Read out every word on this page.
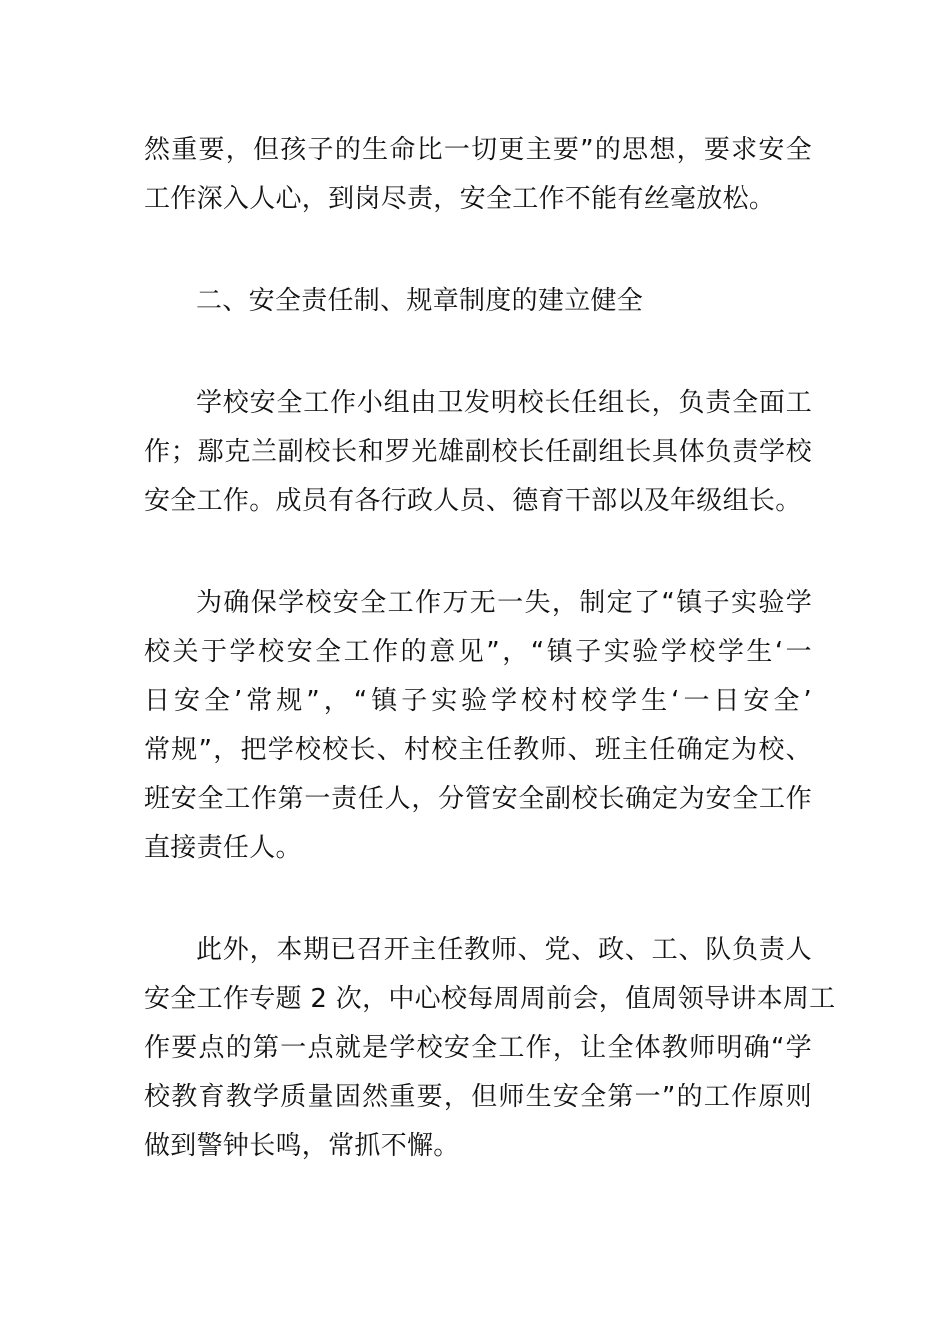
然重要，但孩子的生命比一切更主要”的思想，要求安全
工作深入人心，到岗尽责，安全工作不能有丝毫放松。
二、安全责任制、规章制度的建立健全
学校安全工作小组由卫发明校长任组长，负责全面工
作；鄢克兰副校长和罗光雄副校长任副组长具体负责学校
安全工作。成员有各行政人员、德育干部以及年级组长。
为确保学校安全工作万无一失，制定了“镇子实验学
校关于学校安全工作的意见”，“镇子实验学校学生‘一
日安全’常规”，“镇子实验学校村校学生‘一日安全’
常规”，把学校校长、村校主任教师、班主任确定为校、
班安全工作第一责任人，分管安全副校长确定为安全工作
直接责任人。
此外，本期已召开主任教师、党、政、工、队负责人
安全工作专题 2 次，中心校每周周前会，值周领导讲本周工
作要点的第一点就是学校安全工作，让全体教师明确“学
校教育教学质量固然重要，但师生安全第一”的工作原则
做到警钟长鸣，常抓不懈。
